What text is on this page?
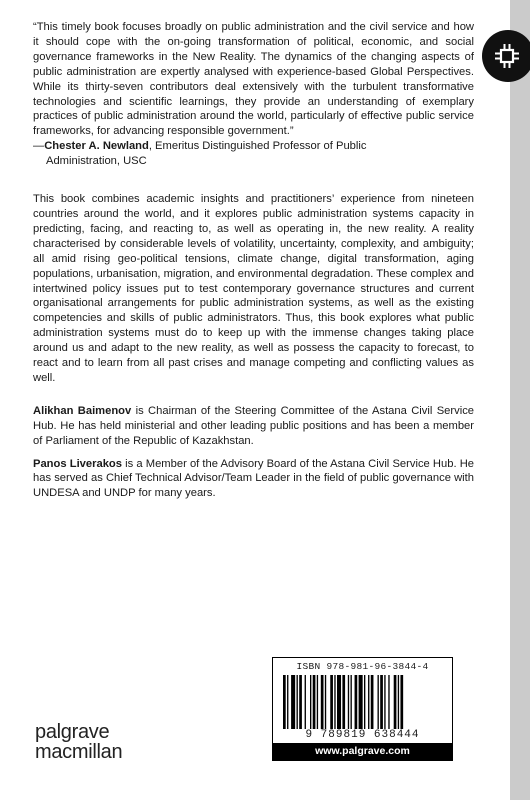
“This timely book focuses broadly on public administration and the civil service and how it should cope with the on-going transformation of political, economic, and social governance frameworks in the New Reality. The dynamics of the changing aspects of public administration are expertly analysed with experience-based Global Perspectives. While its thirty-seven contributors deal extensively with the turbulent transformative technologies and scientific learnings, they provide an understanding of exemplary practices of public administration around the world, particularly of effective public service frameworks, for advancing responsible government.”

—Chester A. Newland, Emeritus Distinguished Professor of Public

Administration, USC

This book combines academic insights and practitioners’ experience from nineteen countries around the world, and it explores public administration systems capacity in predicting, facing, and reacting to, as well as operating in, the new reality. A reality characterised by considerable levels of volatility, uncertainty, complexity, and ambiguity; all amid rising geo-political tensions, climate change, digital transformation, aging populations, urbanisation, migration, and environmental degradation. These complex and intertwined policy issues put to test contemporary governance structures and current organisational arrangements for public administration systems, as well as the existing competencies and skills of public administrators. Thus, this book explores what public administration systems must do to keep up with the immense changes taking place around us and adapt to the new reality, as well as possess the capacity to forecast, to react and to learn from all past crises and manage competing and conflicting values as well.

Alikhan Baimenov is Chairman of the Steering Committee of the Astana Civil Service Hub. He has held ministerial and other leading public positions and has been a member of Parliament of the Republic of Kazakhstan.

Panos Liverakos is a Member of the Advisory Board of the Astana Civil Service Hub. He has served as Chief Technical Advisor/Team Leader in the field of public governance with UNDESA and UNDP for many years.

palgrave
macmillan
ISBN 978-981-96-3844-4
9 789819 638444
www.palgrave.com
